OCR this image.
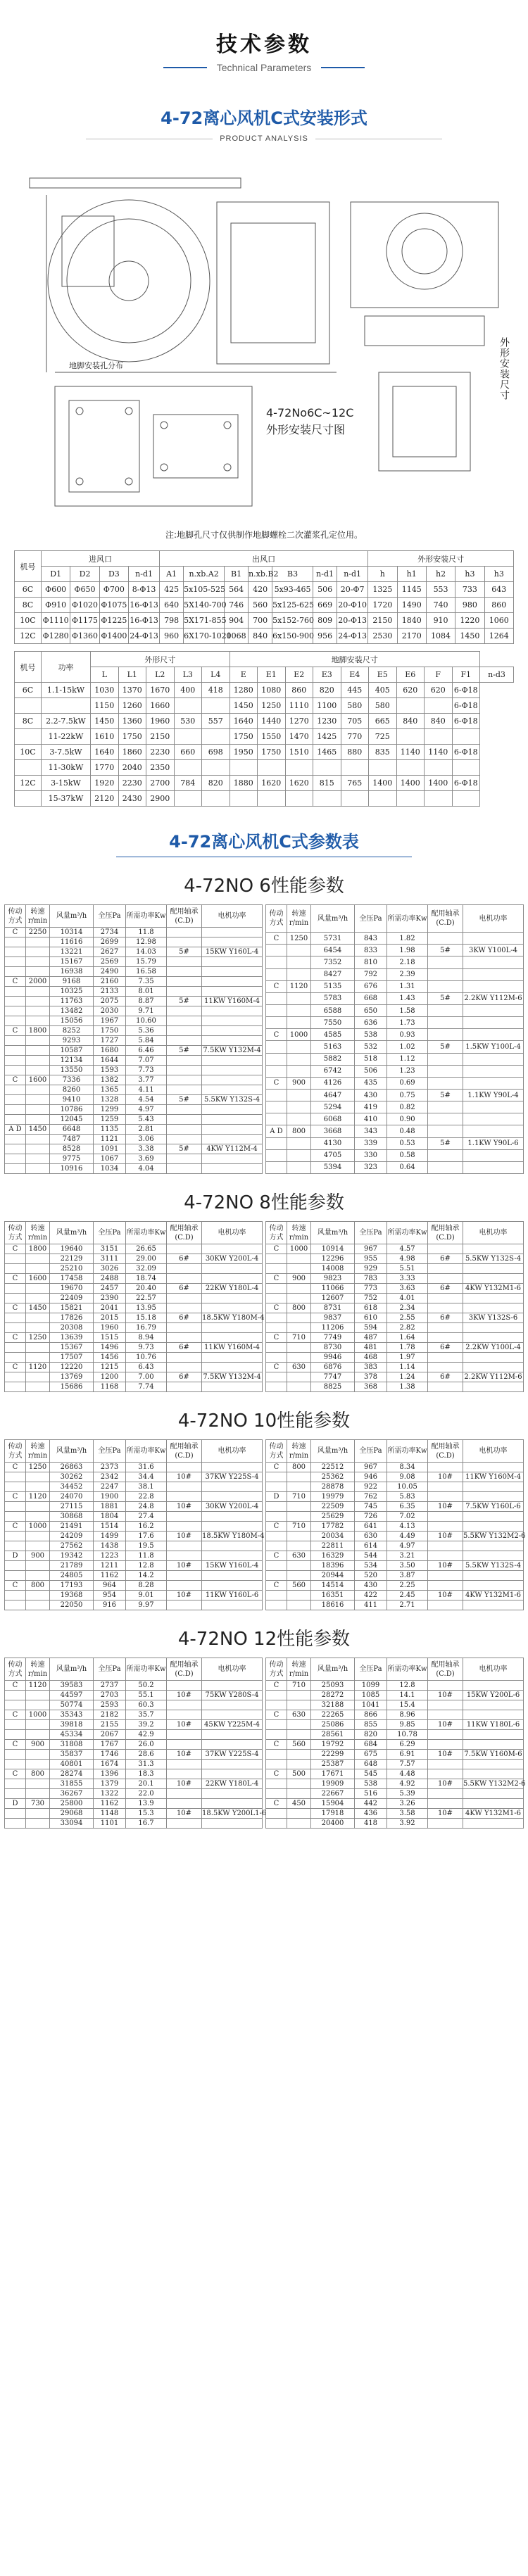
技术参数
Technical Parameters
4-72离心风机C式安装形式
PRODUCT ANALYSIS
地脚安装孔分布
4-72No6C~12C
外形安装尺寸图
外形安装尺寸
注:地脚孔尺寸仅供制作地脚螺栓二次灌浆孔定位用。
机号	进风口				出风口							外形安装尺寸				
	D1	D2	D3	n-d1	A1	n.xb.A2	B1	n.xb.B2	B3	n-d1	n-d1	h	h1	h2	h3	h3
6C	Φ600	Φ650	Φ700	8-Φ13	425	5x105-525	564	420	5x93-465	506	20-Φ7	1325	1145	553	733	643
8C	Φ910	Φ1020	Φ1075	16-Φ13	640	5X140-700	746	560	5x125-625	669	20-Φ10	1720	1490	740	980	860
10C	Φ1110	Φ1175	Φ1225	16-Φ13	798	5X171-855	904	700	5x152-760	809	20-Φ13	2150	1840	910	1220	1060
12C	Φ1280	Φ1360	Φ1400	24-Φ13	960	6X170-1020	1068	840	6x150-900	956	24-Φ13	2530	2170	1084	1450	1264
机号	功率	外形尺寸					地脚安装尺寸									
		L	L1	L2	L3	L4	E	E1	E2	E3	E4	E5	E6	F	F1	n-d3
6C	1.1-15kW	1030	1370	1670	400	418	1280	1080	860	820	445	405	620	620	6-Φ18	
		1150	1260	1660			1450	1250	1110	1100	580	580			6-Φ18	
8C	2.2-7.5kW	1450	1360	1960	530	557	1640	1440	1270	1230	705	665	840	840	6-Φ18	
	11-22kW	1610	1750	2150			1750	1550	1470	1425	770	725				
10C	3-7.5kW	1640	1860	2230	660	698	1950	1750	1510	1465	880	835	1140	1140	6-Φ18	
	11-30kW	1770	2040	2350												
12C	3-15kW	1920	2230	2700	784	820	1880	1620	1620	815	765	1400	1400	1400	6-Φ18	
	15-37kW	2120	2430	2900												
4-72离心风机C式参数表
4-72NO 6性能参数
传动方式	转速r/min	风量m³/h	全压Pa	所需功率Kw	配用轴承(C.D)	电机功率
C	2250	10314	2734	11.8		
		11616	2699	12.98		
		13221	2627	14.03	5#	15KW Y160L-4
		15167	2569	15.79		
		16938	2490	16.58		
C	2000	9168	2160	7.35		
		10325	2133	8.01		
		11763	2075	8.87	5#	11KW Y160M-4
		13482	2030	9.71		
		15056	1967	10.60		
C	1800	8252	1750	5.36		
		9293	1727	5.84		
		10587	1680	6.46	5#	7.5KW Y132M-4
		12134	1644	7.07		
		13550	1593	7.73		
C	1600	7336	1382	3.77		
		8260	1365	4.11		
		9410	1328	4.54	5#	5.5KW Y132S-4
		10786	1299	4.97		
		12045	1259	5.43		
A D	1450	6648	1135	2.81		
		7487	1121	3.06		
		8528	1091	3.38	5#	4KW Y112M-4
		9775	1067	3.69		
		10916	1034	4.04		
传动方式	转速r/min	风量m³/h	全压Pa	所需功率Kw	配用轴承(C.D)	电机功率
C	1250	5731	843	1.82		
		6454	833	1.98	5#	3KW Y100L-4
		7352	810	2.18		
		8427	792	2.39		
C	1120	5135	676	1.31		
		5783	668	1.43	5#	2.2KW Y112M-6
		6588	650	1.58		
		7550	636	1.73		
C	1000	4585	538	0.93		
		5163	532	1.02	5#	1.5KW Y100L-4
		5882	518	1.12		
		6742	506	1.23		
C	900	4126	435	0.69		
		4647	430	0.75	5#	1.1KW Y90L-4
		5294	419	0.82		
		6068	410	0.90		
A D	800	3668	343	0.48		
		4130	339	0.53	5#	1.1KW Y90L-6
		4705	330	0.58		
		5394	323	0.64		
4-72NO 8性能参数
传动方式	转速r/min	风量m³/h	全压Pa	所需功率Kw	配用轴承(C.D)	电机功率
C	1800	19640	3151	26.65		
		22129	3111	29.00	6#	30KW Y200L-4
		25210	3026	32.09		
C	1600	17458	2488	18.74		
		19670	2457	20.40	6#	22KW Y180L-4
		22409	2390	22.57		
C	1450	15821	2041	13.95		
		17826	2015	15.18	6#	18.5KW Y180M-4
		20308	1960	16.79		
C	1250	13639	1515	8.94		
		15367	1496	9.73	6#	11KW Y160M-4
		17507	1456	10.76		
C	1120	12220	1215	6.43		
		13769	1200	7.00	6#	7.5KW Y132M-4
		15686	1168	7.74		
传动方式	转速r/min	风量m³/h	全压Pa	所需功率Kw	配用轴承(C.D)	电机功率
C	1000	10914	967	4.57		
		12296	955	4.98	6#	5.5KW Y132S-4
		14008	929	5.51		
C	900	9823	783	3.33		
		11066	773	3.63	6#	4KW Y132M1-6
		12607	752	4.01		
C	800	8731	618	2.34		
		9837	610	2.55	6#	3KW Y132S-6
		11206	594	2.82		
C	710	7749	487	1.64		
		8730	481	1.78	6#	2.2KW Y100L-4
		9946	468	1.97		
C	630	6876	383	1.14		
		7747	378	1.24	6#	2.2KW Y112M-6
		8825	368	1.38		
4-72NO 10性能参数
传动方式	转速r/min	风量m³/h	全压Pa	所需功率Kw	配用轴承(C.D)	电机功率
C	1250	26863	2373	31.6		
		30262	2342	34.4	10#	37KW Y225S-4
		34452	2247	38.1		
C	1120	24070	1900	22.8		
		27115	1881	24.8	10#	30KW Y200L-4
		30868	1804	27.4		
C	1000	21491	1514	16.2		
		24209	1499	17.6	10#	18.5KW Y180M-4
		27562	1438	19.5		
D	900	19342	1223	11.8		
		21789	1211	12.8	10#	15KW Y160L-4
		24805	1162	14.2		
C	800	17193	964	8.28		
		19368	954	9.01	10#	11KW Y160L-6
		22050	916	9.97		
传动方式	转速r/min	风量m³/h	全压Pa	所需功率Kw	配用轴承(C.D)	电机功率
C	800	22512	967	8.34		
		25362	946	9.08	10#	11KW Y160M-4
		28878	922	10.05		
D	710	19979	762	5.83		
		22509	745	6.35	10#	7.5KW Y160L-6
		25629	726	7.02		
C	710	17782	641	4.13		
		20034	630	4.49	10#	5.5KW Y132M2-6
		22811	614	4.97		
C	630	16329	544	3.21		
		18396	534	3.50	10#	5.5KW Y132S-4
		20944	520	3.87		
C	560	14514	430	2.25		
		16351	422	2.45	10#	4KW Y132M1-6
		18616	411	2.71		
4-72NO 12性能参数
传动方式	转速r/min	风量m³/h	全压Pa	所需功率Kw	配用轴承(C.D)	电机功率
C	1120	39583	2737	50.2		
		44597	2703	55.1	10#	75KW Y280S-4
		50774	2593	60.3		
C	1000	35343	2182	35.7		
		39818	2155	39.2	10#	45KW Y225M-4
		45334	2067	42.9		
C	900	31808	1767	26.0		
		35837	1746	28.6	10#	37KW Y225S-4
		40801	1674	31.3		
C	800	28274	1396	18.3		
		31855	1379	20.1	10#	22KW Y180L-4
		36267	1322	22.0		
D	730	25800	1162	13.9		
		29068	1148	15.3	10#	18.5KW Y200L1-6
		33094	1101	16.7		
传动方式	转速r/min	风量m³/h	全压Pa	所需功率Kw	配用轴承(C.D)	电机功率
C	710	25093	1099	12.8		
		28272	1085	14.1	10#	15KW Y200L-6
		32188	1041	15.4		
C	630	22265	866	8.96		
		25086	855	9.85	10#	11KW Y180L-6
		28561	820	10.78		
C	560	19792	684	6.29		
		22299	675	6.91	10#	7.5KW Y160M-6
		25387	648	7.57		
C	500	17671	545	4.48		
		19909	538	4.92	10#	5.5KW Y132M2-6
		22667	516	5.39		
C	450	15904	442	3.26		
		17918	436	3.58	10#	4KW Y132M1-6
		20400	418	3.92		
